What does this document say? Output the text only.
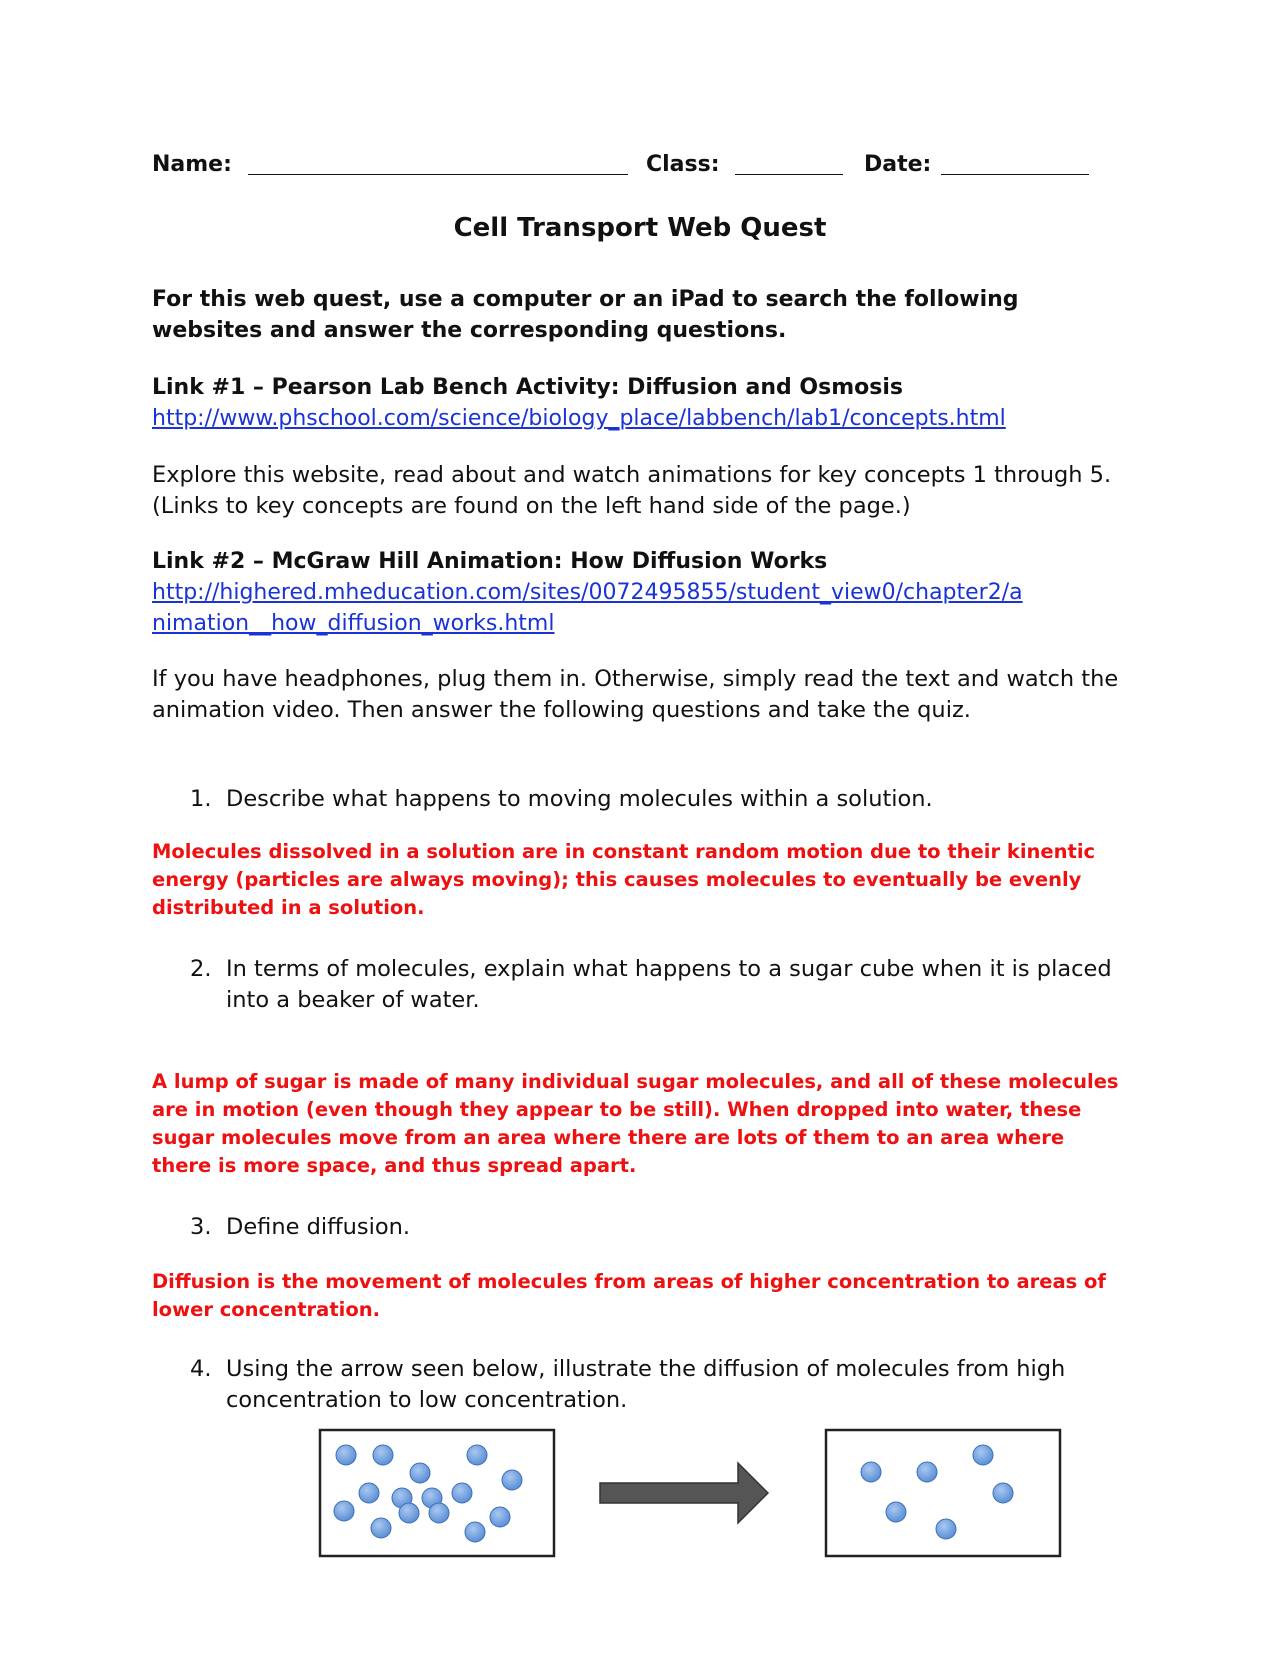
Name:	Class:	Date:
Cell Transport Web Quest
For this web quest, use a computer or an iPad to search the following websites and answer the corresponding questions.
Link #1 – Pearson Lab Bench Activity: Diffusion and Osmosis
http://www.phschool.com/science/biology_place/labbench/lab1/concepts.html
Explore this website, read about and watch animations for key concepts 1 through 5. (Links to key concepts are found on the left hand side of the page.)
Link #2 – McGraw Hill Animation: How Diffusion Works
http://highered.mheducation.com/sites/0072495855/student_view0/chapter2/a
nimation__how_diffusion_works.html
If you have headphones, plug them in. Otherwise, simply read the text and watch the animation video. Then answer the following questions and take the quiz.
1. Describe what happens to moving molecules within a solution.
Molecules dissolved in a solution are in constant random motion due to their kinentic energy (particles are always moving); this causes molecules to eventually be evenly distributed in a solution.
2. In terms of molecules, explain what happens to a sugar cube when it is placed into a beaker of water.
A lump of sugar is made of many individual sugar molecules, and all of these molecules are in motion (even though they appear to be still). When dropped into water, these sugar molecules move from an area where there are lots of them to an area where there is more space, and thus spread apart.
3. Define diffusion.
Diffusion is the movement of molecules from areas of higher concentration to areas of lower concentration.
4. Using the arrow seen below, illustrate the diffusion of molecules from high concentration to low concentration.
